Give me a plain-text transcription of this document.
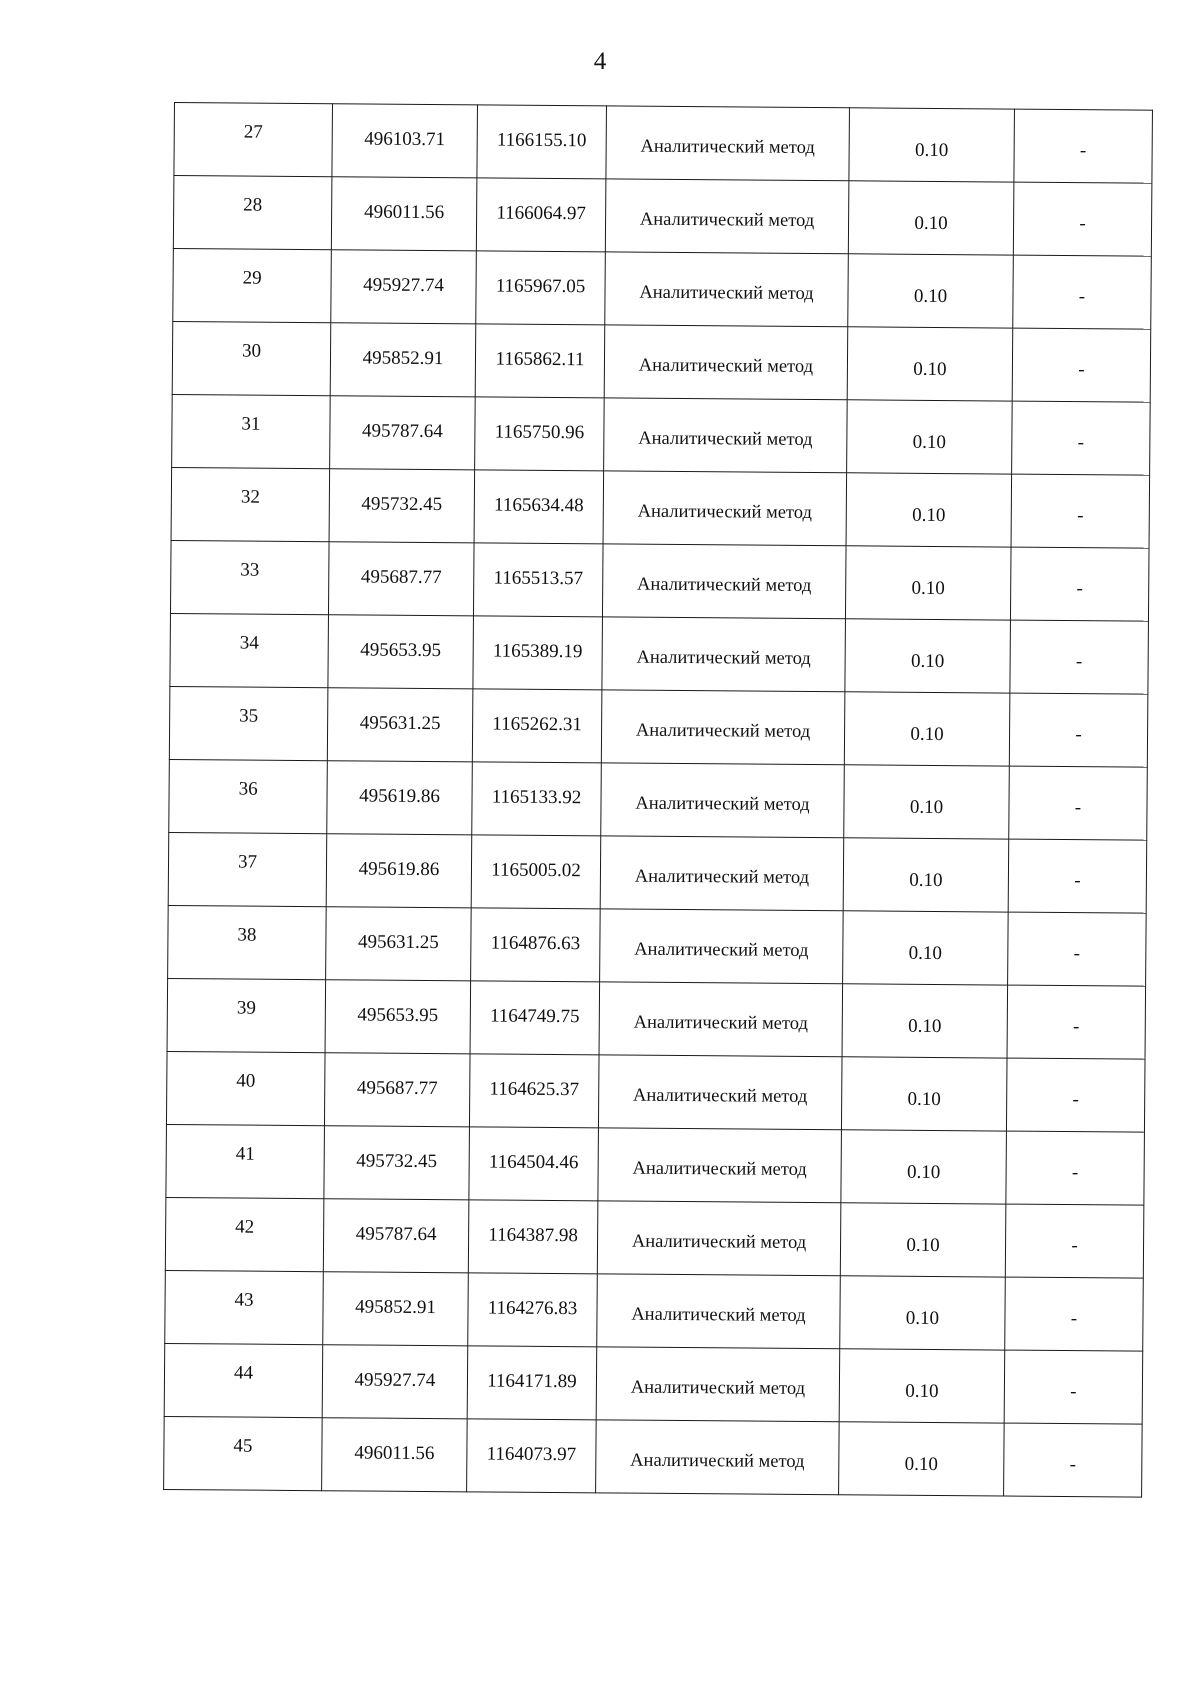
4
27	496103.71	1166155.10	Аналитический метод	0.10	-
28	496011.56	1166064.97	Аналитический метод	0.10	-
29	495927.74	1165967.05	Аналитический метод	0.10	-
30	495852.91	1165862.11	Аналитический метод	0.10	-
31	495787.64	1165750.96	Аналитический метод	0.10	-
32	495732.45	1165634.48	Аналитический метод	0.10	-
33	495687.77	1165513.57	Аналитический метод	0.10	-
34	495653.95	1165389.19	Аналитический метод	0.10	-
35	495631.25	1165262.31	Аналитический метод	0.10	-
36	495619.86	1165133.92	Аналитический метод	0.10	-
37	495619.86	1165005.02	Аналитический метод	0.10	-
38	495631.25	1164876.63	Аналитический метод	0.10	-
39	495653.95	1164749.75	Аналитический метод	0.10	-
40	495687.77	1164625.37	Аналитический метод	0.10	-
41	495732.45	1164504.46	Аналитический метод	0.10	-
42	495787.64	1164387.98	Аналитический метод	0.10	-
43	495852.91	1164276.83	Аналитический метод	0.10	-
44	495927.74	1164171.89	Аналитический метод	0.10	-
45	496011.56	1164073.97	Аналитический метод	0.10	-
